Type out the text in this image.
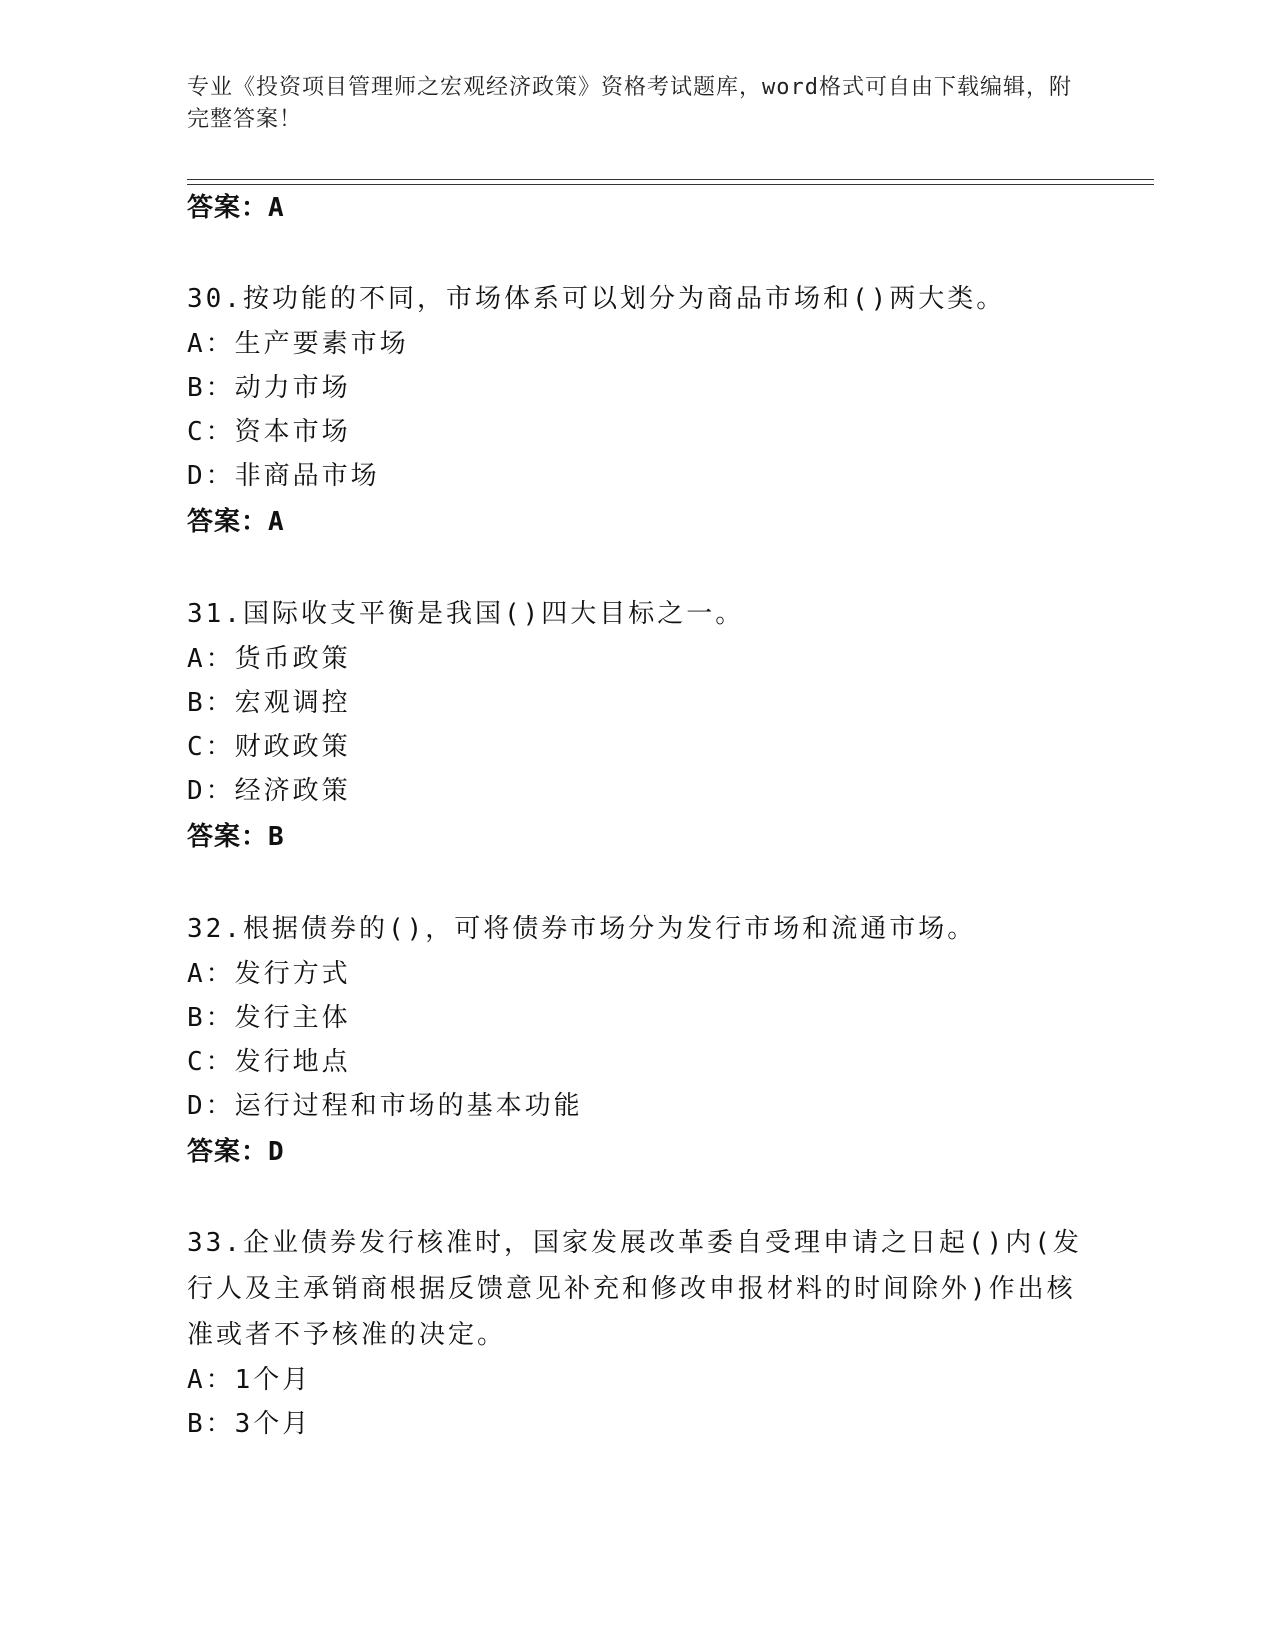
专业《投资项目管理师之宏观经济政策》资格考试题库，word格式可自由下载编辑，附完整答案！
答案：A
30.按功能的不同，市场体系可以划分为商品市场和()两大类。
A：生产要素市场
B：动力市场
C：资本市场
D：非商品市场
答案：A
31.国际收支平衡是我国()四大目标之一。
A：货币政策
B：宏观调控
C：财政政策
D：经济政策
答案：B
32.根据债券的()，可将债券市场分为发行市场和流通市场。
A：发行方式
B：发行主体
C：发行地点
D：运行过程和市场的基本功能
答案：D
33.企业债券发行核准时，国家发展改革委自受理申请之日起()内(发行人及主承销商根据反馈意见补充和修改申报材料的时间除外)作出核准或者不予核准的决定。
A：1个月
B：3个月
